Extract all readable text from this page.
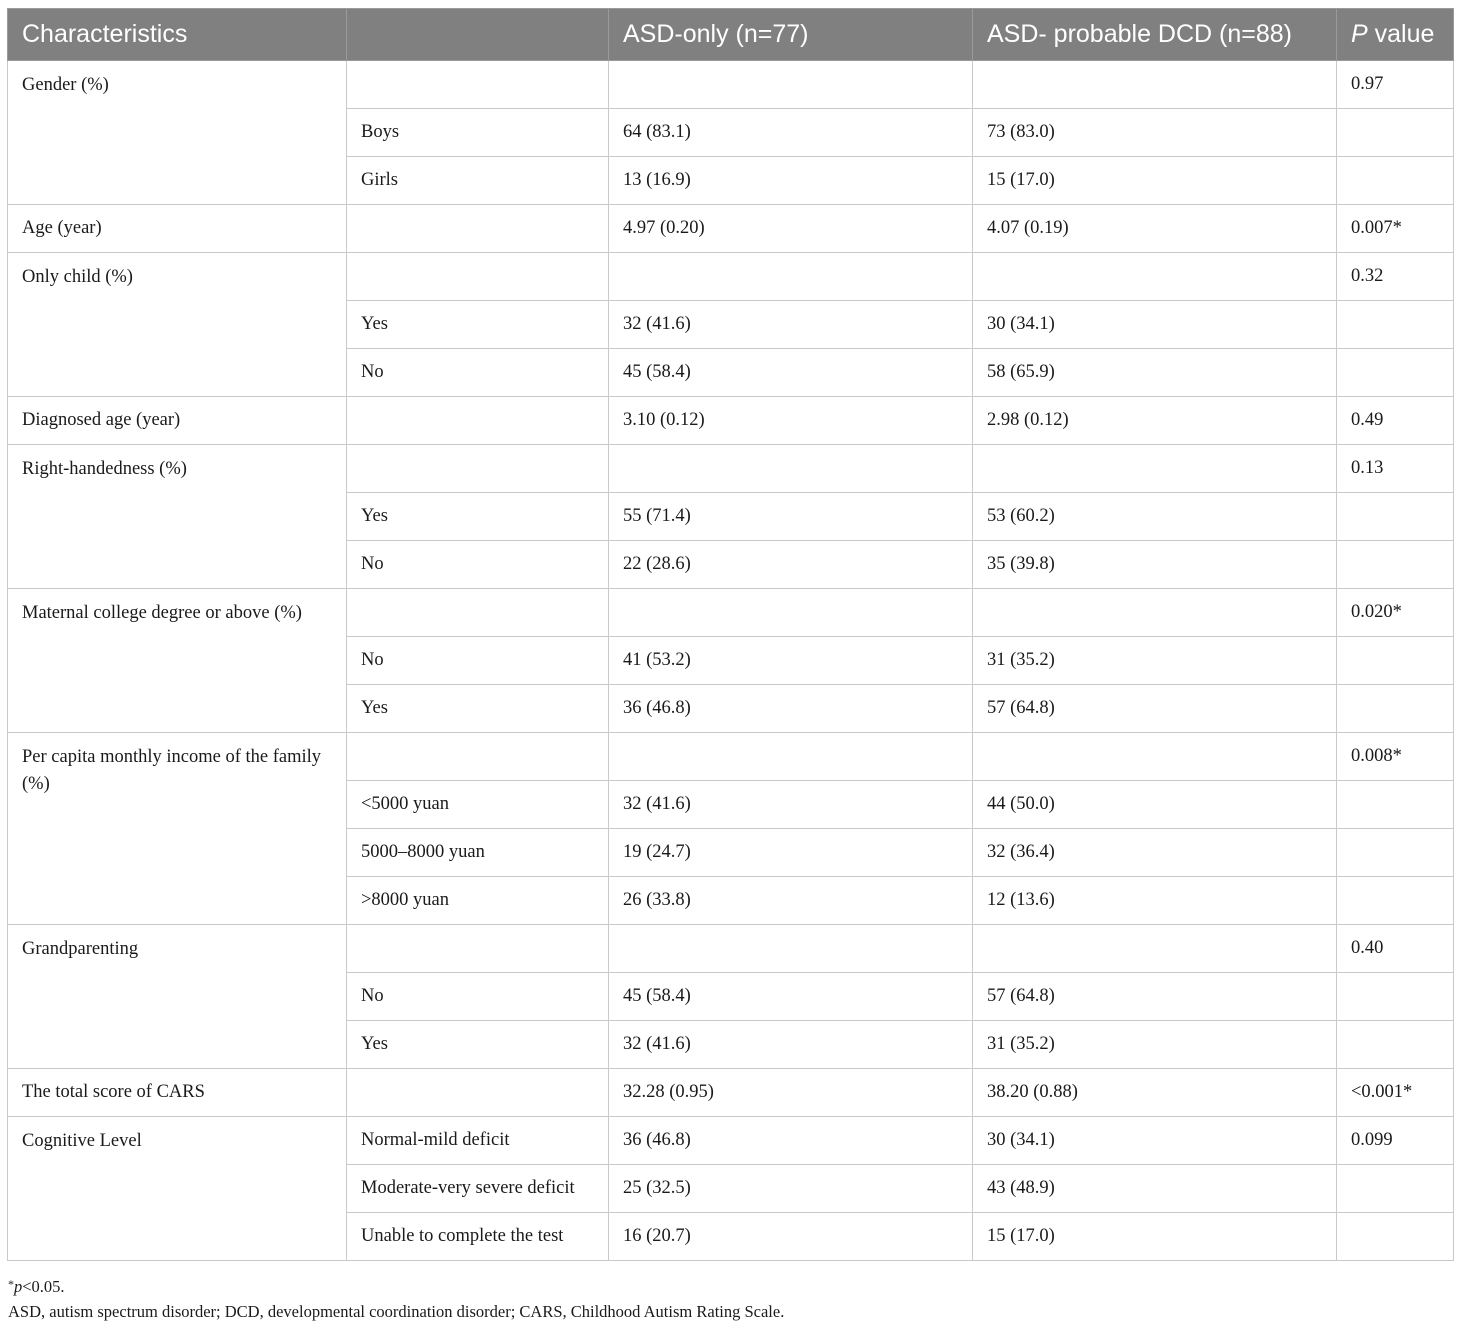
Characteristics		ASD-only (n=77)	ASD- probable DCD (n=88)	P value
Gender (%)				0.97
	Boys	64 (83.1)	73 (83.0)	
	Girls	13 (16.9)	15 (17.0)	
Age (year)		4.97 (0.20)	4.07 (0.19)	0.007*
Only child (%)				0.32
	Yes	32 (41.6)	30 (34.1)	
	No	45 (58.4)	58 (65.9)	
Diagnosed age (year)		3.10 (0.12)	2.98 (0.12)	0.49
Right-handedness (%)				0.13
	Yes	55 (71.4)	53 (60.2)	
	No	22 (28.6)	35 (39.8)	
Maternal college degree or above (%)				0.020*
	No	41 (53.2)	31 (35.2)	
	Yes	36 (46.8)	57 (64.8)	
Per capita monthly income of the family (%)				0.008*
	<5000 yuan	32 (41.6)	44 (50.0)	
	5000–8000 yuan	19 (24.7)	32 (36.4)	
	>8000 yuan	26 (33.8)	12 (13.6)	
Grandparenting				0.40
	No	45 (58.4)	57 (64.8)	
	Yes	32 (41.6)	31 (35.2)	
The total score of CARS		32.28 (0.95)	38.20 (0.88)	<0.001*
Cognitive Level	Normal-mild deficit	36 (46.8)	30 (34.1)	0.099
	Moderate-very severe deficit	25 (32.5)	43 (48.9)	
	Unable to complete the test	16 (20.7)	15 (17.0)	
*p<0.05.
ASD, autism spectrum disorder; DCD, developmental coordination disorder; CARS, Childhood Autism Rating Scale.
